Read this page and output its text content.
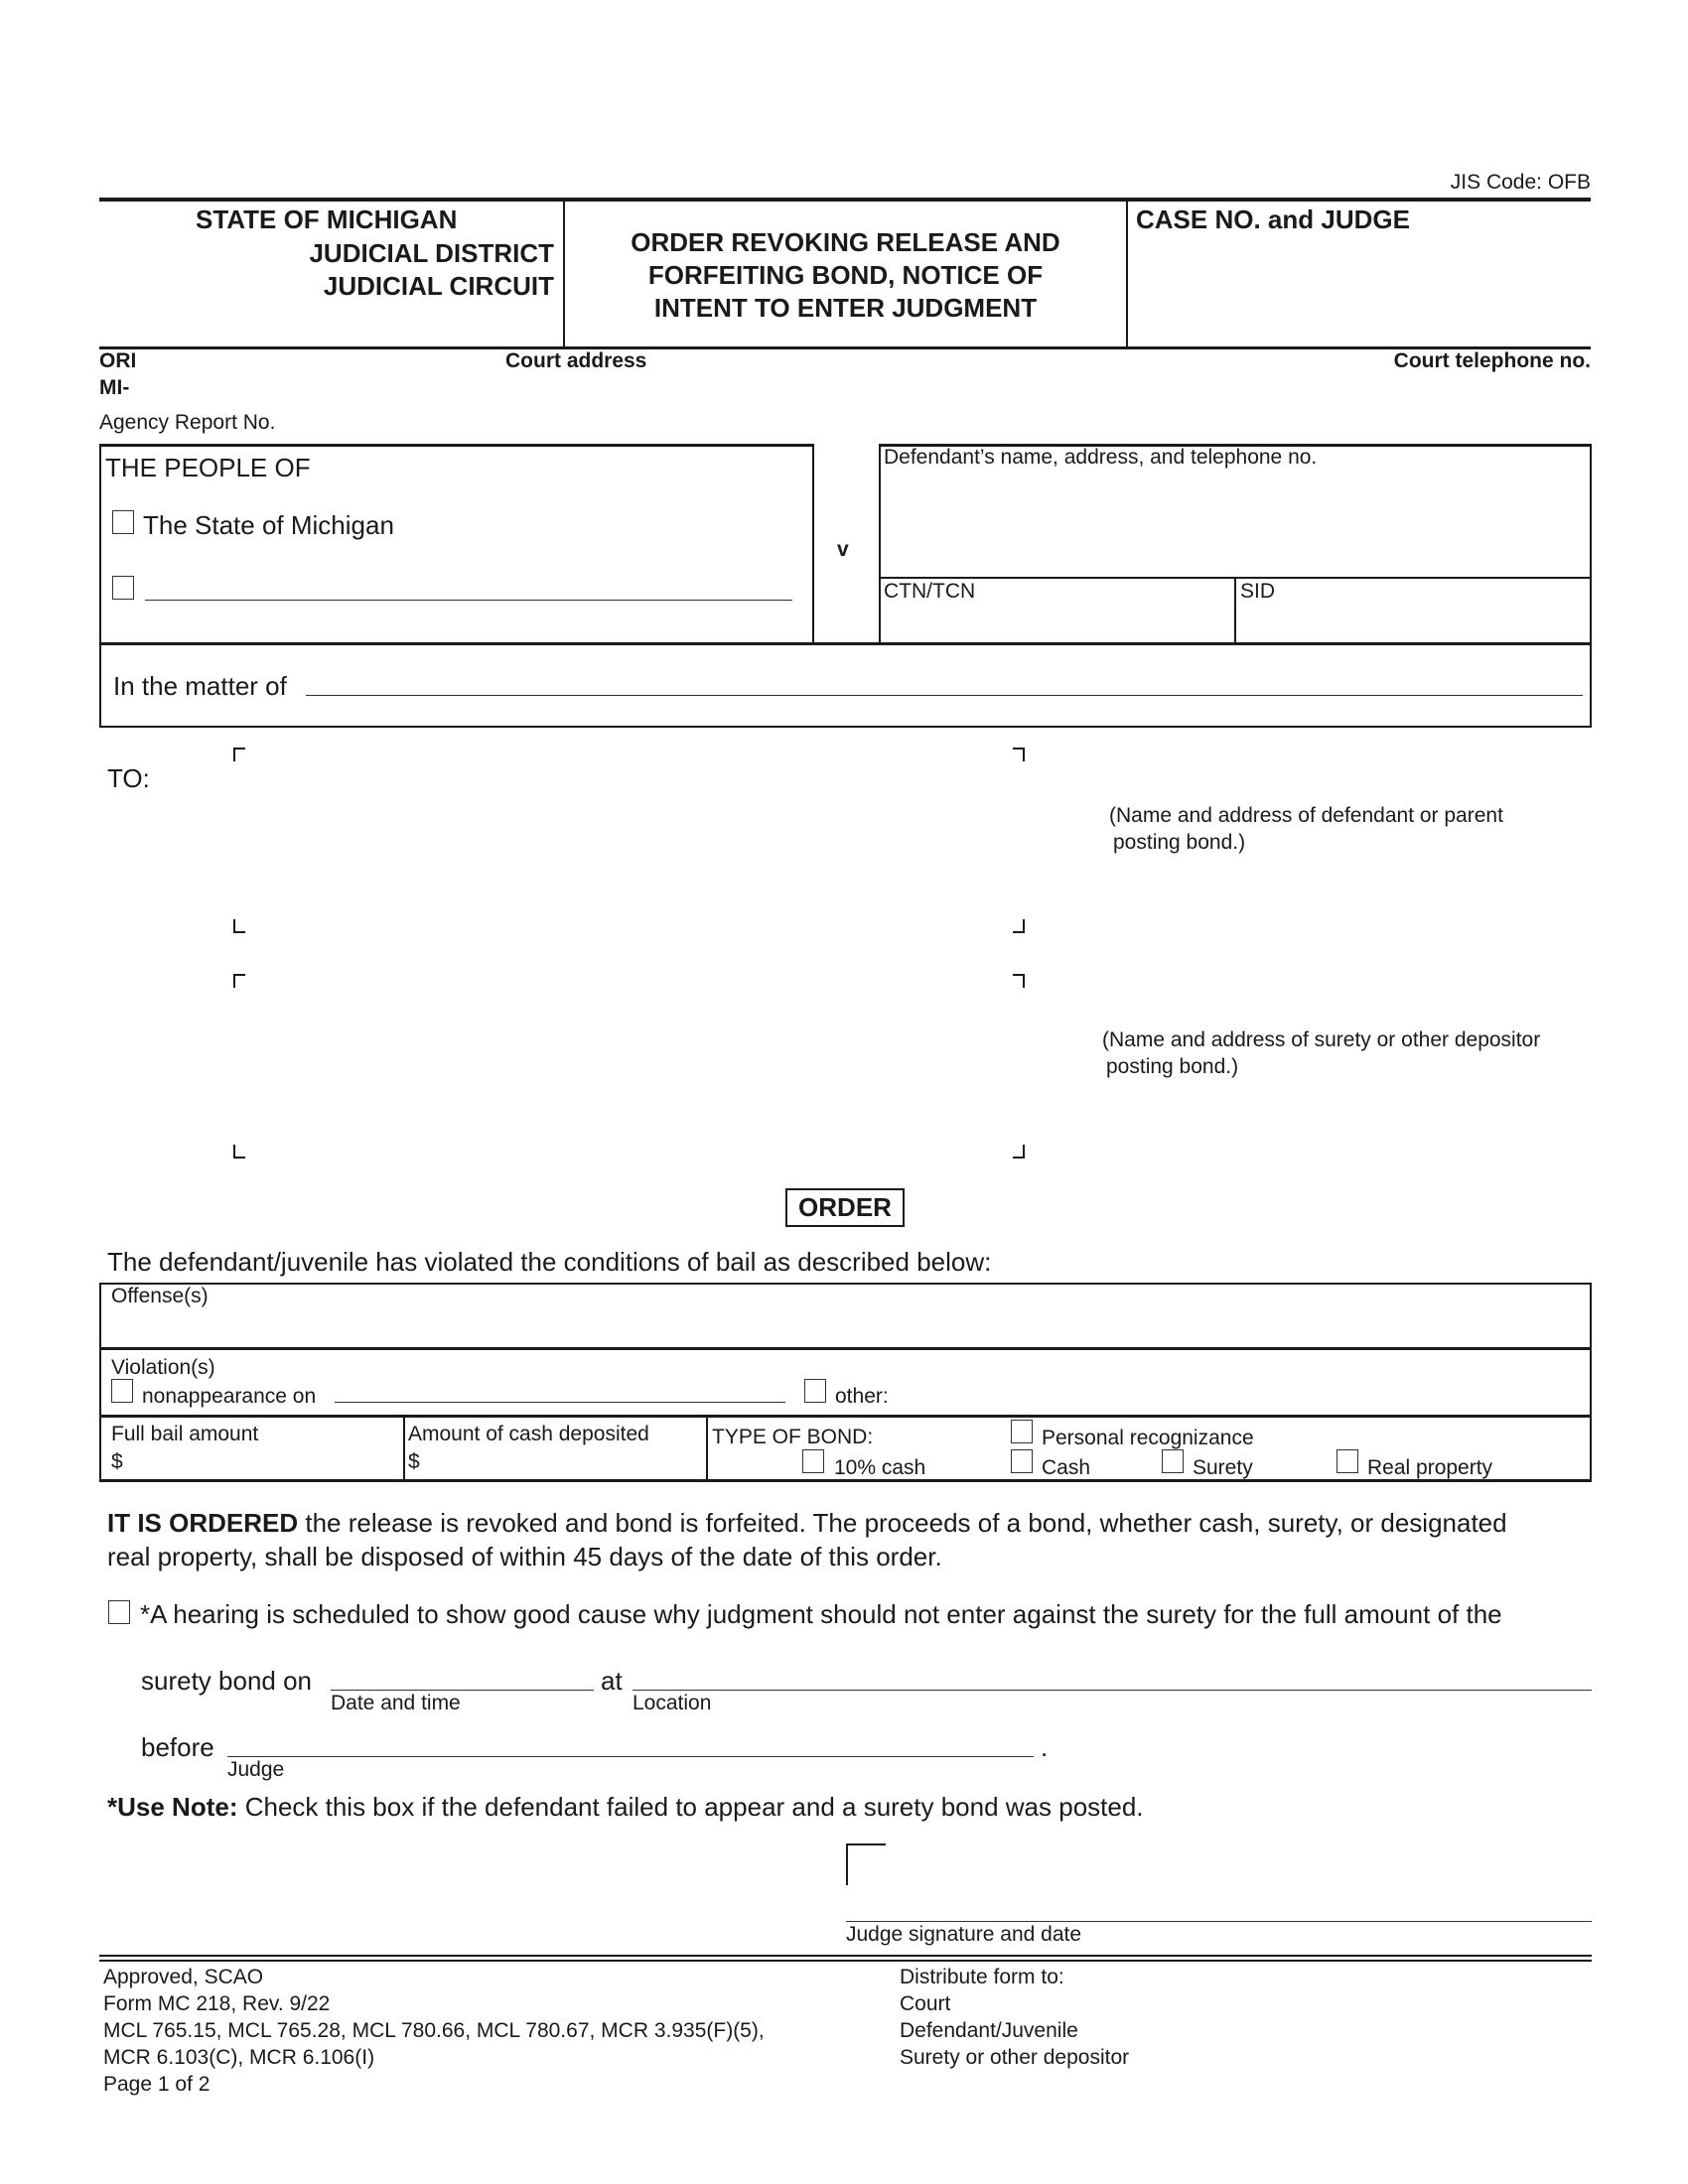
JIS Code: OFB
STATE OF MICHIGAN
JUDICIAL DISTRICT
JUDICIAL CIRCUIT
ORDER REVOKING RELEASE AND
FORFEITING BOND, NOTICE OF
INTENT TO ENTER JUDGMENT
CASE NO. and JUDGE
ORI
MI-
Court address	Court telephone no.
Agency Report No.
THE PEOPLE OF
The State of Michigan
v
Defendant’s name, address, and telephone no.
CTN/TCN	SID
In the matter of
TO:
(Name and address of defendant or parent
posting bond.)
(Name and address of surety or other depositor
posting bond.)
ORDER
The defendant/juvenile has violated the conditions of bail as described below:
Offense(s)
Violation(s)
nonappearance on	other:
Full bail amount
$
Amount of cash deposited
$
TYPE OF BOND:	Personal recognizance
10% cash	Cash	Surety	Real property
IT IS ORDERED the release is revoked and bond is forfeited. The proceeds of a bond, whether cash, surety, or designated
real property, shall be disposed of within 45 days of the date of this order.
*A hearing is scheduled to show good cause why judgment should not enter against the surety for the full amount of the
surety bond on
Date and time
at
Location
before	.
Judge
*Use Note: Check this box if the defendant failed to appear and a surety bond was posted.
Judge signature and date
Approved, SCAO
Form MC 218, Rev. 9/22
MCL 765.15, MCL 765.28, MCL 780.66, MCL 780.67, MCR 3.935(F)(5),
MCR 6.103(C), MCR 6.106(I)
Page 1 of 2
Distribute form to:
Court
Defendant/Juvenile
Surety or other depositor
